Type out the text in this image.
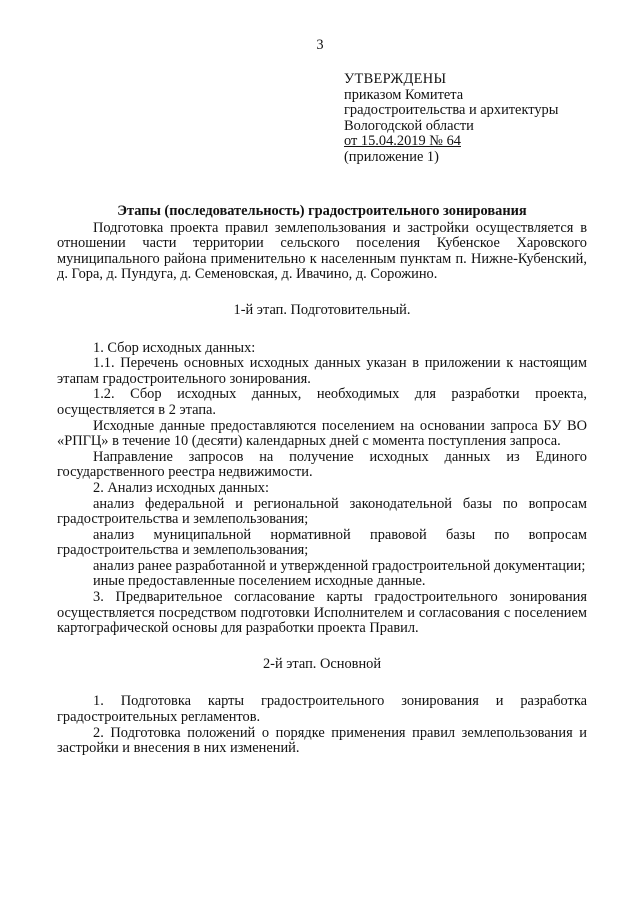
3
УТВЕРЖДЕНЫ
приказом Комитета
градостроительства и архитектуры
Вологодской области
от 15.04.2019 № 64
(приложение 1)
Этапы (последовательность) градостроительного зонирования
Подготовка проекта правил землепользования и застройки осуществляется в отношении части территории сельского поселения Кубенское Харовского муниципального района применительно к населенным пунктам п. Нижне-Кубенский, д. Гора, д. Пундуга, д. Семеновская, д. Ивачино, д. Сорожино.
1-й этап. Подготовительный.
1. Сбор исходных данных:
1.1. Перечень основных исходных данных указан в приложении к настоящим этапам градостроительного зонирования.
1.2. Сбор исходных данных, необходимых для разработки проекта, осуществляется в 2 этапа.
Исходные данные предоставляются поселением на основании запроса БУ ВО «РПГЦ» в течение 10 (десяти) календарных дней с момента поступления запроса.
Направление запросов на получение исходных данных из Единого государственного реестра недвижимости.
2. Анализ исходных данных:
анализ федеральной и региональной законодательной базы по вопросам градостроительства и землепользования;
анализ муниципальной нормативной правовой базы по вопросам градостроительства и землепользования;
анализ ранее разработанной и утвержденной градостроительной документации;
иные предоставленные поселением исходные данные.
3. Предварительное согласование карты градостроительного зонирования осуществляется посредством подготовки Исполнителем и согласования с поселением картографической основы для разработки проекта Правил.
2-й этап. Основной
1. Подготовка карты градостроительного зонирования и разработка градостроительных регламентов.
2. Подготовка положений о порядке применения правил землепользования и застройки и внесения в них изменений.
